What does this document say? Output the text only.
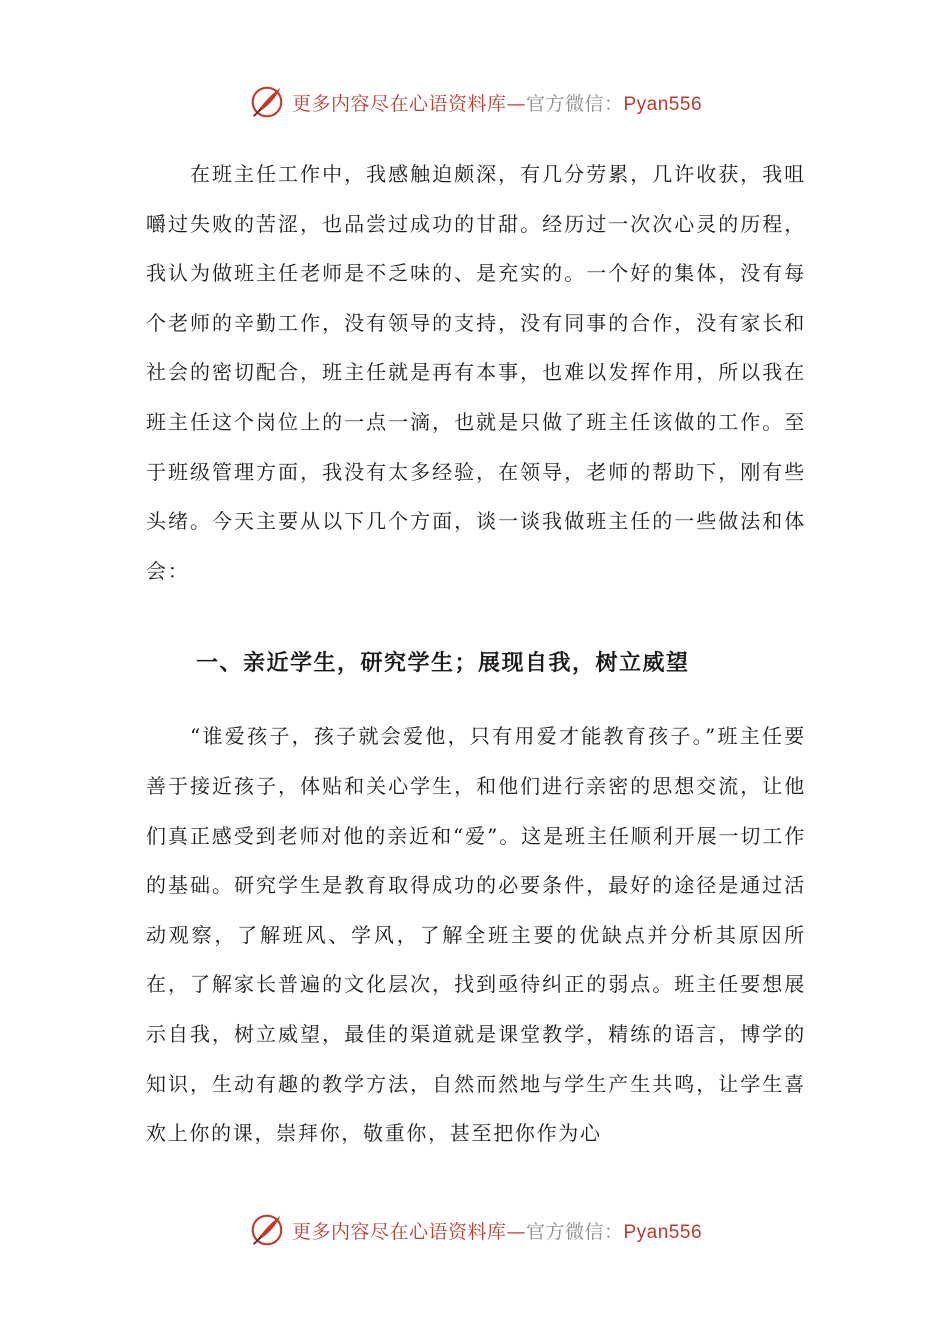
更多内容尽在心语资料库—官方微信：Pyan556

在班主任工作中，我感触迫颇深，有几分劳累，几许收获，我咀嚼过失败的苦涩，也品尝过成功的甘甜。经历过一次次心灵的历程，我认为做班主任老师是不乏味的、是充实的。一个好的集体，没有每个老师的辛勤工作，没有领导的支持，没有同事的合作，没有家长和社会的密切配合，班主任就是再有本事，也难以发挥作用，所以我在班主任这个岗位上的一点一滴，也就是只做了班主任该做的工作。至于班级管理方面，我没有太多经验，在领导，老师的帮助下，刚有些头绪。今天主要从以下几个方面，谈一谈我做班主任的一些做法和体会：

一、亲近学生，研究学生；展现自我，树立威望

“谁爱孩子，孩子就会爱他，只有用爱才能教育孩子。”班主任要善于接近孩子，体贴和关心学生，和他们进行亲密的思想交流，让他们真正感受到老师对他的亲近和“爱”。这是班主任顺利开展一切工作的基础。研究学生是教育取得成功的必要条件，最好的途径是通过活动观察，了解班风、学风，了解全班主要的优缺点并分析其原因所在，了解家长普遍的文化层次，找到亟待纠正的弱点。班主任要想展示自我，树立威望，最佳的渠道就是课堂教学，精练的语言，博学的知识，生动有趣的教学方法，自然而然地与学生产生共鸣，让学生喜欢上你的课，崇拜你，敬重你，甚至把你作为心

更多内容尽在心语资料库—官方微信：Pyan556
